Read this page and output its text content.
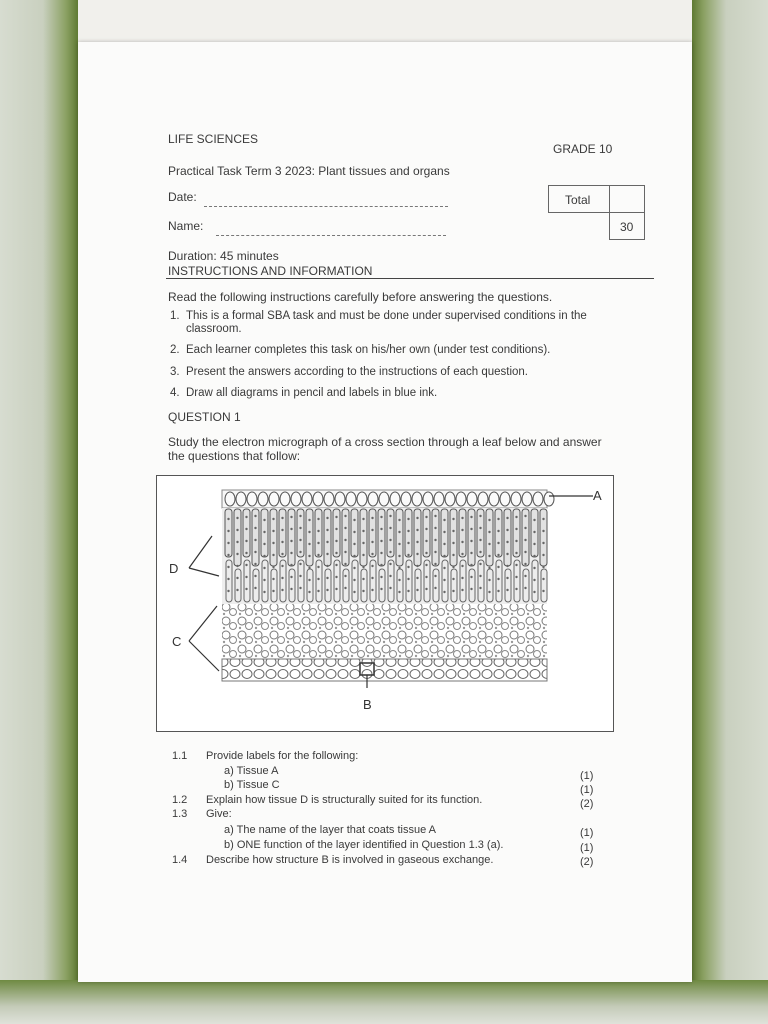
LIFE SCIENCES
GRADE 10
Practical Task Term 3 2023: Plant tissues and organs
Date:
Name:
Total
30
Duration: 45 minutes
INSTRUCTIONS AND INFORMATION
Read the following instructions carefully before answering the questions.
1. This is a formal SBA task and must be done under supervised conditions in the classroom.
2. Each learner completes this task on his/her own (under test conditions).
3. Present the answers according to the instructions of each question.
4. Draw all diagrams in pencil and labels in blue ink.
QUESTION 1
Study the electron micrograph of a cross section through a leaf below and answer the questions that follow:
A
B
C
D
1.1 Provide labels for the following:
a) Tissue A	(1)
b) Tissue C	(1)
1.2 Explain how tissue D is structurally suited for its function.	(2)
1.3 Give:
a) The name of the layer that coats tissue A	(1)
b) ONE function of the layer identified in Question 1.3 (a).	(1)
1.4 Describe how structure B is involved in gaseous exchange.	(2)
